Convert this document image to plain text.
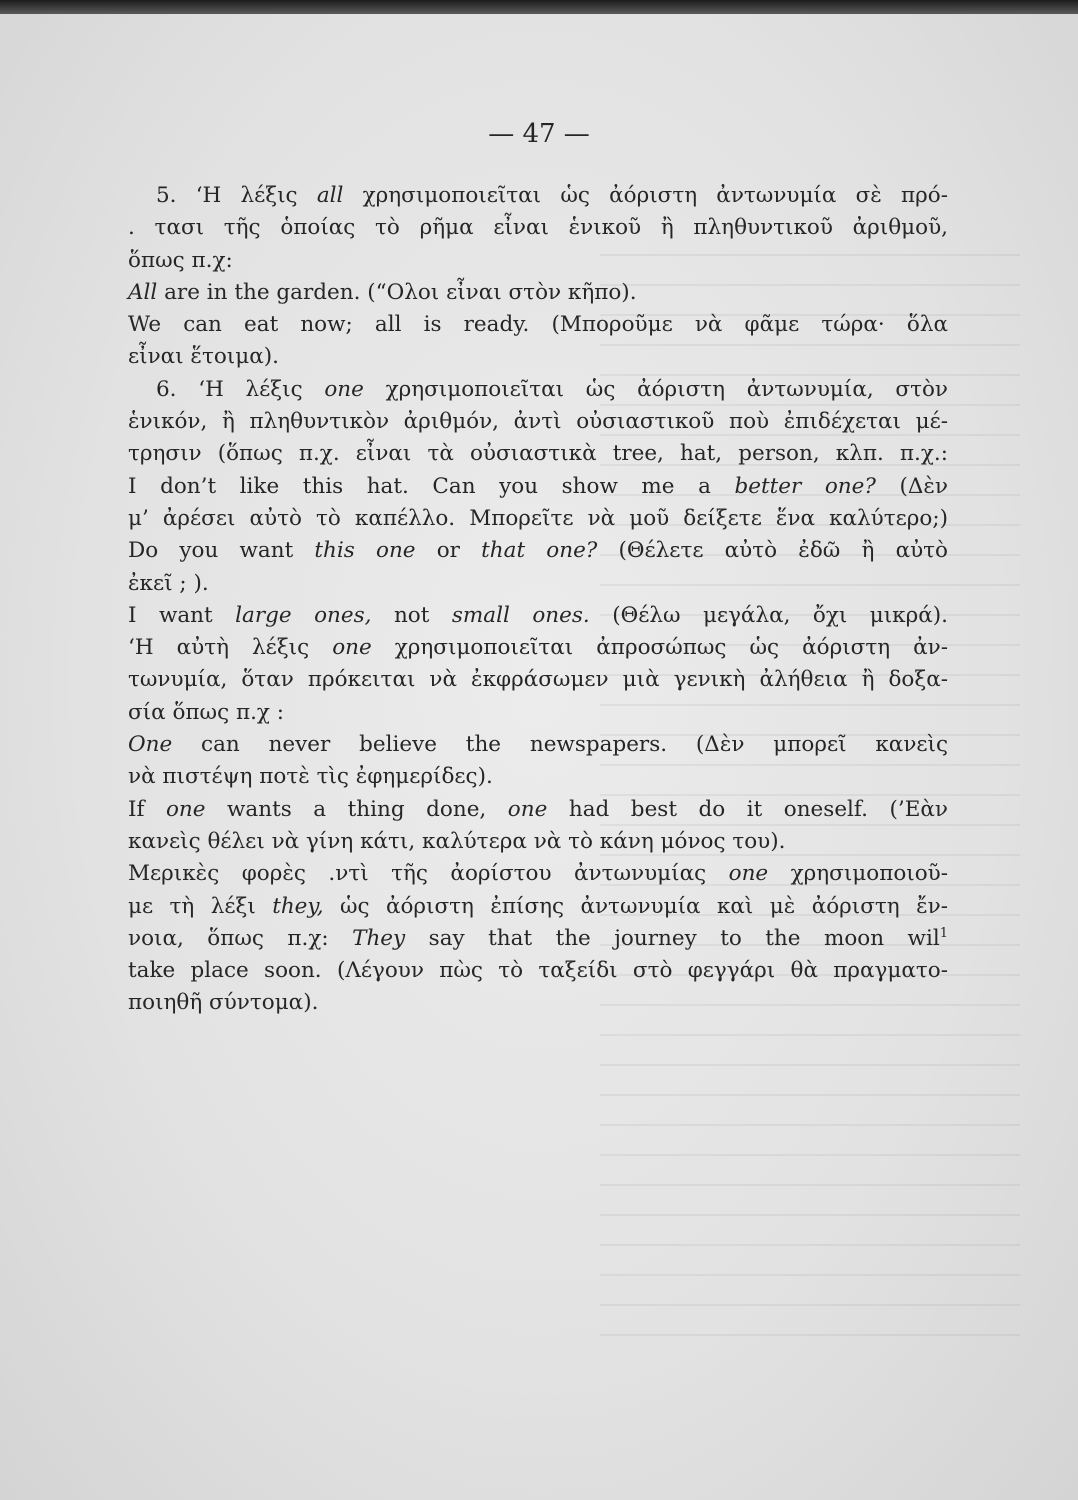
— 47 —
5. ‘Η λέξις all χρησιμοποιεῖται ὡς ἀόριστη ἀντωνυμία σὲ πρό-
. τασι τῆς ὁποίας τὸ ρῆμα εἶναι ἑνικοῦ ἢ πληθυντικοῦ ἀριθμοῦ,
ὅπως π.χ:
All are in the garden. (“Ολοι εἶναι στὸν κῆπο).
We can eat now; all is ready. (Μποροῦμε νὰ φᾶμε τώρα· ὅλα
εἶναι ἕτοιμα).
6. ‘Η λέξις one χρησιμοποιεῖται ὡς ἀόριστη ἀντωνυμία, στὸν
ἑνικόν, ἢ πληθυντικὸν ἀριθμόν, ἀντὶ οὐσιαστικοῦ ποὺ ἐπιδέχεται μέ-
τρησιν (ὅπως π.χ. εἶναι τὰ οὐσιαστικὰ tree, hat, person, κλπ. π.χ.:
I don’t like this hat. Can you show me a better one? (Δὲν
μ’ ἀρέσει αὐτὸ τὸ καπέλλο. Μπορεῖτε νὰ μοῦ δείξετε ἕνα καλύτερο;)
Do you want this one or that one? (Θέλετε αὐτὸ ἐδῶ ἢ αὐτὸ
ἐκεῖ ; ).
I want large ones, not small ones. (Θέλω μεγάλα, ὄχι μικρά).
‘Η αὐτὴ λέξις one χρησιμοποιεῖται ἀπροσώπως ὡς ἀόριστη ἀν-
τωνυμία, ὅταν πρόκειται νὰ ἐκφράσωμεν μιὰ γενικὴ ἀλήθεια ἢ δοξα-
σία ὅπως π.χ :
One can never believe the newspapers. (Δὲν μπορεῖ κανεὶς
νὰ πιστέψη ποτὲ τὶς ἐφημερίδες).
If one wants a thing done, one had best do it oneself. (’Εὰν
κανεὶς θέλει νὰ γίνη κάτι, καλύτερα νὰ τὸ κάνη μόνος του).
Μερικὲς φορὲς .ντὶ τῆς ἀορίστου ἀντωνυμίας one χρησιμοποιοῦ-
με τὴ λέξι they, ὡς ἀόριστη ἐπίσης ἀντωνυμία καὶ μὲ ἀόριστη ἔν-
νοια, ὅπως π.χ: They say that the journey to the moon wil$^1$
take place soon. (Λέγουν πὼς τὸ ταξείδι στὸ φεγγάρι θὰ πραγματο-
ποιηθῆ σύντομα).
